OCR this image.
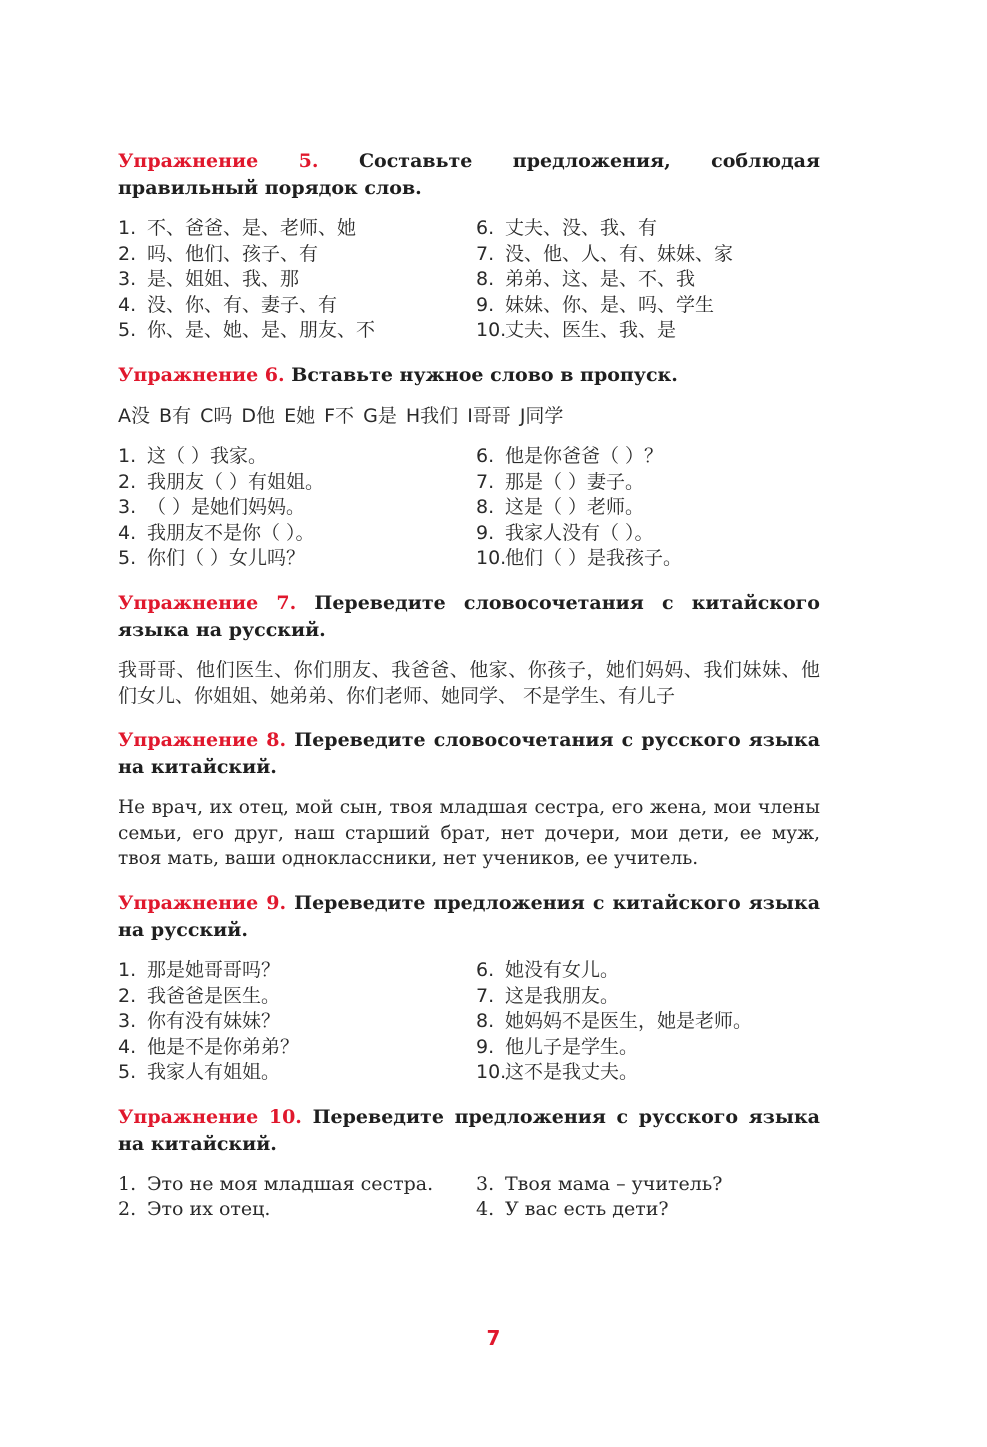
Упражнение 5. Составьте предложения, соблюдая правильный порядок слов.

1. 不、爸爸、是、老师、她
2. 吗、他们、孩子、有
3. 是、姐姐、我、那
4. 没、你、有、妻子、有
5. 你、是、她、是、朋友、不
6. 丈夫、没、我、有
7. 没、他、人、有、妹妹、家
8. 弟弟、这、是、不、我
9. 妹妹、你、是、吗、学生
10.
丈夫、医生、我、是

Упражнение 6. Вставьте нужное слово в пропуск.

A没 B有 C吗 D他 E她 F不 G是 H我们 I哥哥 J同学

1. 这（ ）我家。
2. 我朋友（ ）有姐姐。
3. （ ）是她们妈妈。
4. 我朋友不是你（ ）。
5. 你们（ ）女儿吗？
6. 他是你爸爸（ ）？
7. 那是（ ）妻子。
8. 这是（ ）老师。
9. 我家人没有（ ）。
10.
他们（ ）是我孩子。

Упражнение 7. Переведите словосочетания с китайского языка на русский.

我哥哥、他们医生、你们朋友、我爸爸、他家、你孩子，她们妈妈、我们妹妹、他们女儿、你姐姐、她弟弟、你们老师、她同学、 不是学生、有儿子

Упражнение 8. Переведите словосочетания с русского языка на китайский.

Не врач, их отец, мой сын, твоя младшая сестра, его жена, мои члены семьи, его друг, наш старший брат, нет дочери, мои дети, ее муж, твоя мать, ваши одноклассники, нет учеников, ее учитель.

Упражнение 9. Переведите предложения с китайского языка на русский.

1. 那是她哥哥吗？
2. 我爸爸是医生。
3. 你有没有妹妹？
4. 他是不是你弟弟？
5. 我家人有姐姐。
6. 她没有女儿。
7. 这是我朋友。
8. 她妈妈不是医生，她是老师。
9. 他儿子是学生。
10.
这不是我丈夫。

Упражнение 10. Переведите предложения с русского языка на китайский.

1. Это не моя младшая сестра.
2. Это их отец.
3. Твоя мама – учитель?
4. У вас есть дети?
7
